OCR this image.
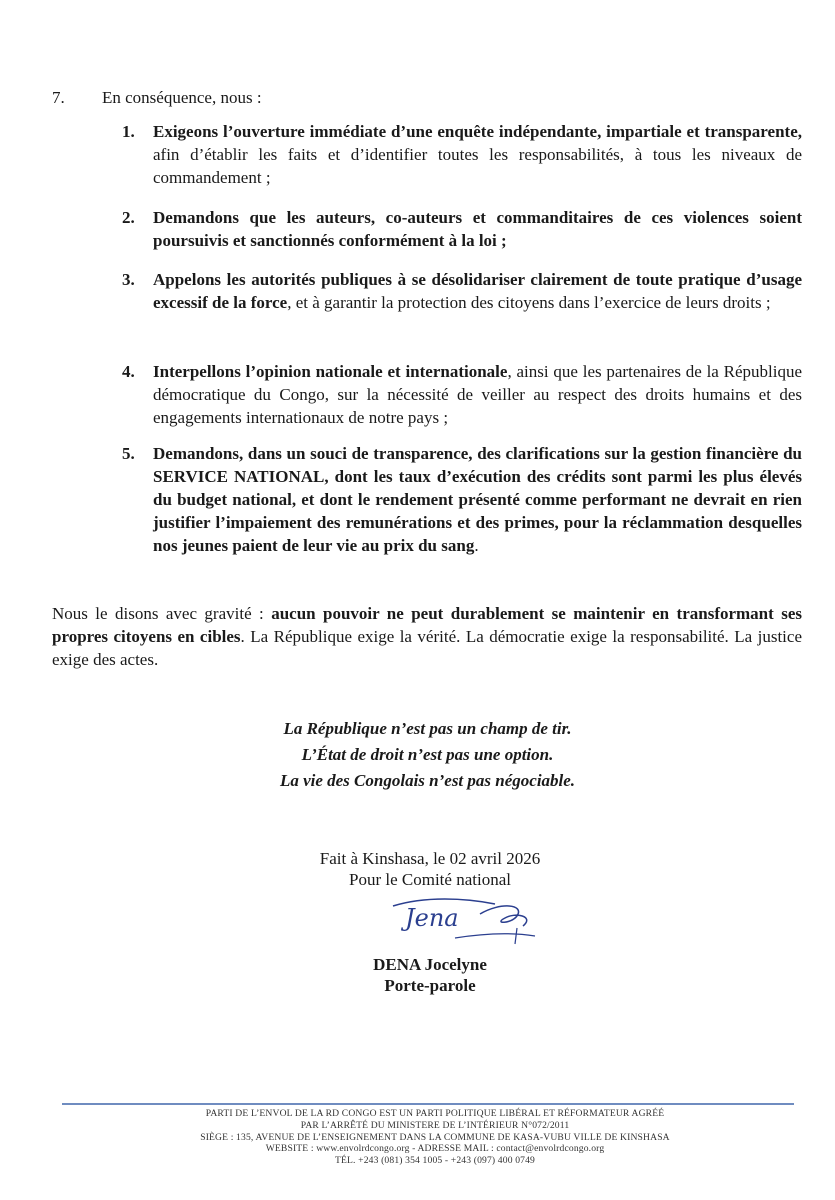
7. En conséquence, nous :
1. Exigeons l’ouverture immédiate d’une enquête indépendante, impartiale et transparente, afin d’établir les faits et d’identifier toutes les responsabilités, à tous les niveaux de commandement ;
2. Demandons que les auteurs, co-auteurs et commanditaires de ces violences soient poursuivis et sanctionnés conformément à la loi ;
3. Appelons les autorités publiques à se désolidariser clairement de toute pratique d’usage excessif de la force, et à garantir la protection des citoyens dans l’exercice de leurs droits ;
4. Interpellons l’opinion nationale et internationale, ainsi que les partenaires de la République démocratique du Congo, sur la nécessité de veiller au respect des droits humains et des engagements internationaux de notre pays ;
5. Demandons, dans un souci de transparence, des clarifications sur la gestion financière du SERVICE NATIONAL, dont les taux d’exécution des crédits sont parmi les plus élevés du budget national, et dont le rendement présenté comme performant ne devrait en rien justifier l’impaiement des remunérations et des primes, pour la réclammation desquelles nos jeunes paient de leur vie au prix du sang.
Nous le disons avec gravité : aucun pouvoir ne peut durablement se maintenir en transformant ses propres citoyens en cibles. La République exige la vérité. La démocratie exige la responsabilité. La justice exige des actes.
La République n’est pas un champ de tir.
L’État de droit n’est pas une option.
La vie des Congolais n’est pas négociable.
Fait à Kinshasa, le 02 avril 2026
Pour le Comité national
Jena
DENA Jocelyne
Porte-parole
PARTI DE L’ENVOL DE LA RD CONGO EST UN PARTI POLITIQUE LIBÉRAL ET RÉFORMATEUR AGRÉÉ
PAR L’ARRÊTÉ DU MINISTERE DE L’INTÉRIEUR N°072/2011
SIÈGE : 135, AVENUE DE L’ENSEIGNEMENT DANS LA COMMUNE DE KASA-VUBU VILLE DE KINSHASA
WEBSITE : www.envolrdcongo.org - ADRESSE MAIL : contact@envolrdcongo.org
TÉL. +243 (081) 354 1005 - +243 (097) 400 0749
